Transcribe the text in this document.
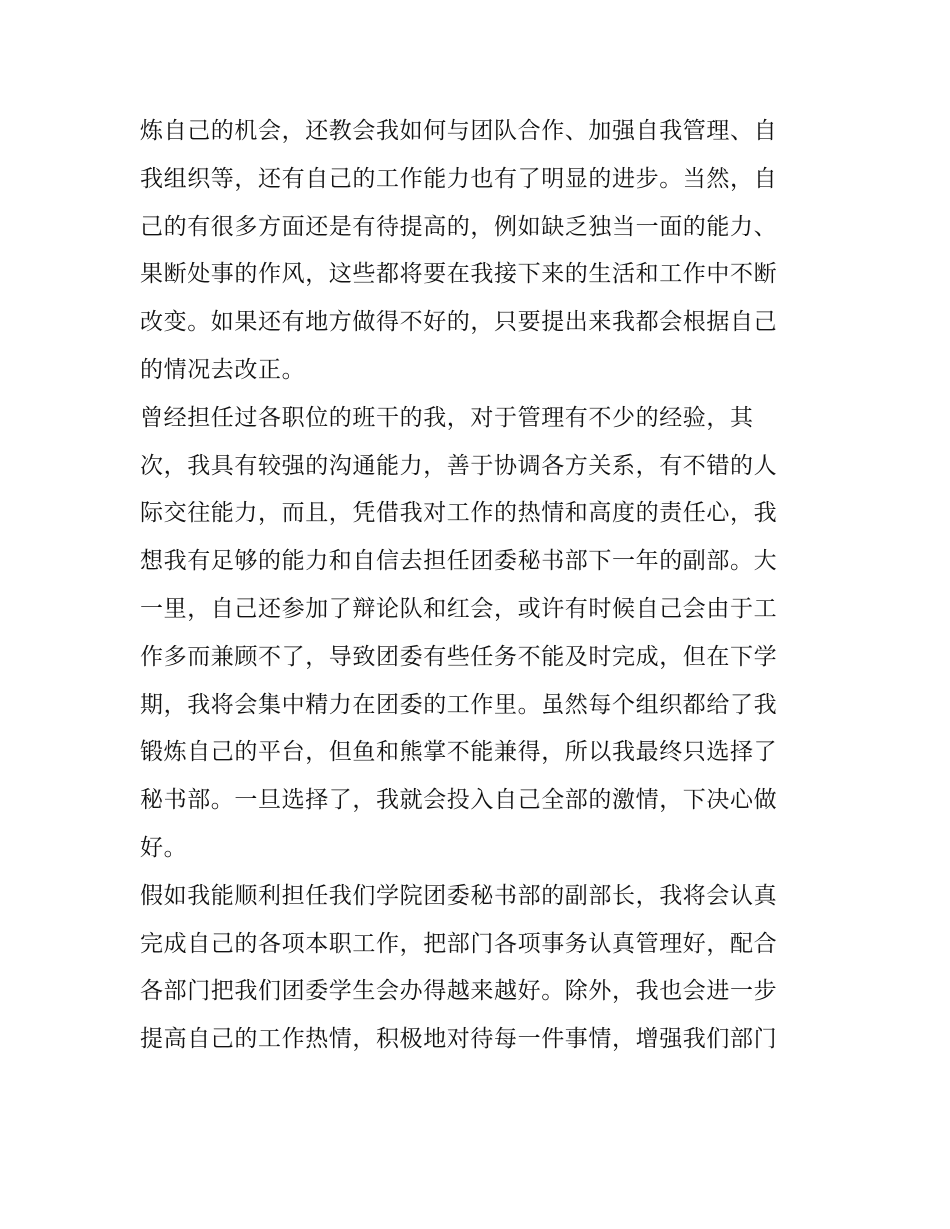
炼自己的机会，还教会我如何与团队合作、加强自我管理、自
我组织等，还有自己的工作能力也有了明显的进步。当然，自
己的有很多方面还是有待提高的，例如缺乏独当一面的能力、
果断处事的作风，这些都将要在我接下来的生活和工作中不断
改变。如果还有地方做得不好的，只要提出来我都会根据自己
的情况去改正。
曾经担任过各职位的班干的我，对于管理有不少的经验，其
次，我具有较强的沟通能力，善于协调各方关系，有不错的人
际交往能力，而且，凭借我对工作的热情和高度的责任心，我
想我有足够的能力和自信去担任团委秘书部下一年的副部。大
一里，自己还参加了辩论队和红会，或许有时候自己会由于工
作多而兼顾不了，导致团委有些任务不能及时完成，但在下学
期，我将会集中精力在团委的工作里。虽然每个组织都给了我
锻炼自己的平台，但鱼和熊掌不能兼得，所以我最终只选择了
秘书部。一旦选择了，我就会投入自己全部的激情，下决心做
好。
假如我能顺利担任我们学院团委秘书部的副部长，我将会认真
完成自己的各项本职工作，把部门各项事务认真管理好，配合
各部门把我们团委学生会办得越来越好。除外，我也会进一步
提高自己的工作热情，积极地对待每一件事情，增强我们部门
